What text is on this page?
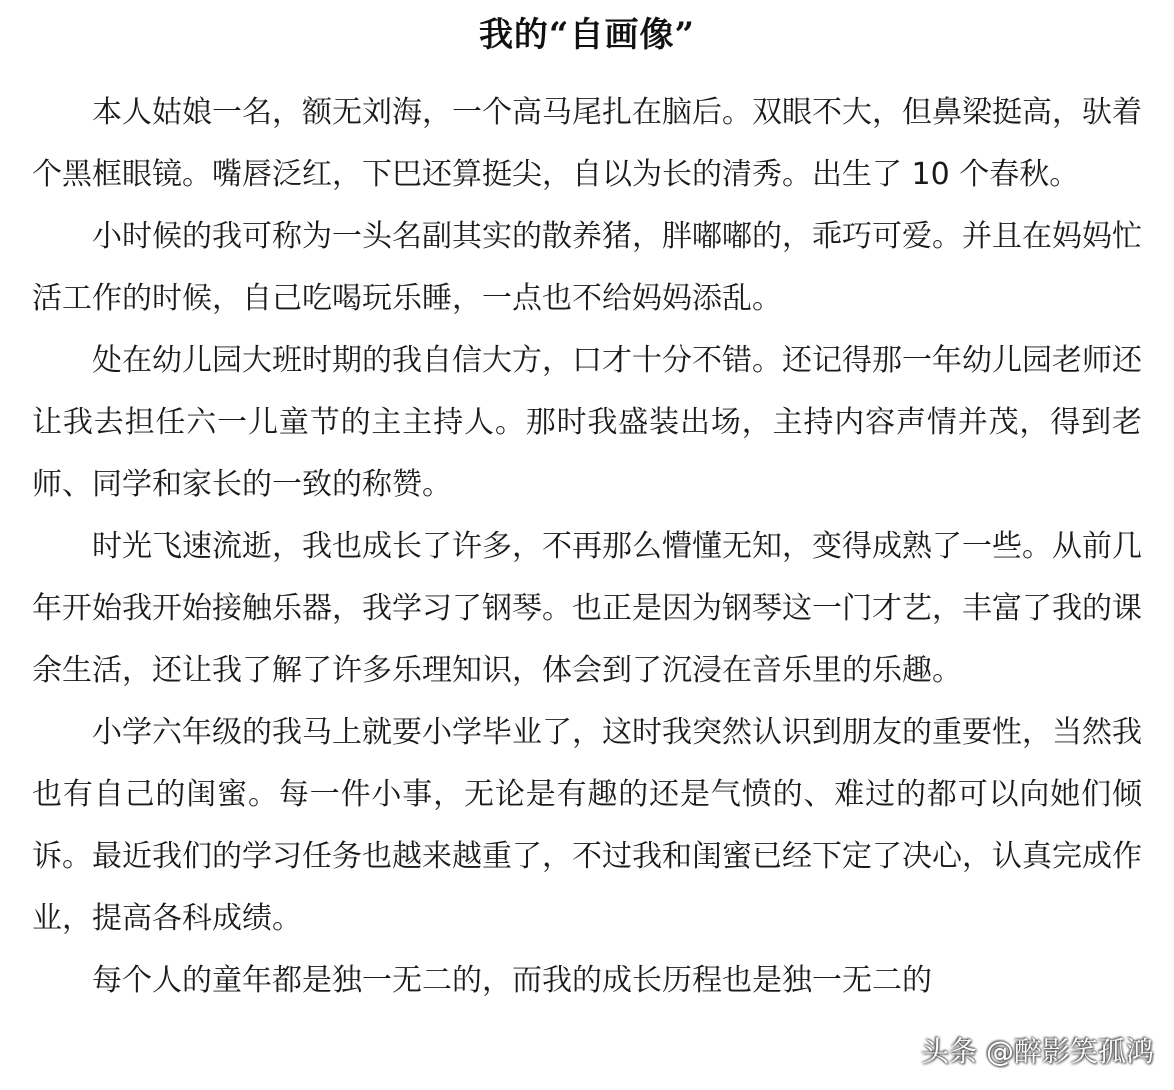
我的“自画像”

本人姑娘一名，额无刘海，一个高马尾扎在脑后。双眼不大，但鼻梁挺高，驮着个黑框眼镜。嘴唇泛红，下巴还算挺尖，自以为长的清秀。出生了 10 个春秋。

小时候的我可称为一头名副其实的散养猪，胖嘟嘟的，乖巧可爱。并且在妈妈忙活工作的时候，自己吃喝玩乐睡，一点也不给妈妈添乱。

处在幼儿园大班时期的我自信大方，口才十分不错。还记得那一年幼儿园老师还让我去担任六一儿童节的主主持人。那时我盛装出场，主持内容声情并茂，得到老师、同学和家长的一致的称赞。

时光飞速流逝，我也成长了许多，不再那么懵懂无知，变得成熟了一些。从前几年开始我开始接触乐器，我学习了钢琴。也正是因为钢琴这一门才艺，丰富了我的课余生活，还让我了解了许多乐理知识，体会到了沉浸在音乐里的乐趣。

小学六年级的我马上就要小学毕业了，这时我突然认识到朋友的重要性，当然我也有自己的闺蜜。每一件小事，无论是有趣的还是气愤的、难过的都可以向她们倾诉。最近我们的学习任务也越来越重了，不过我和闺蜜已经下定了决心，认真完成作业，提高各科成绩。

每个人的童年都是独一无二的，而我的成长历程也是独一无二的

头条 @醉影笑孤鸿
